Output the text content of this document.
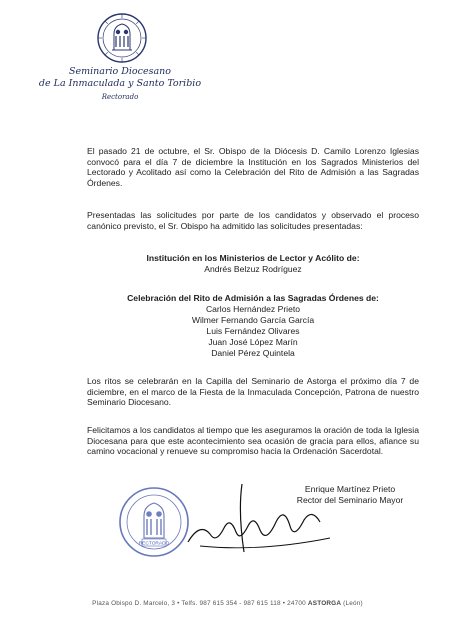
Seminario Diocesano
de La Inmaculada y Santo Toribio
Rectorado
El pasado 21 de octubre, el Sr. Obispo de la Diócesis D. Camilo Lorenzo Iglesias convocó para el día 7 de diciembre la Institución en los Sagrados Ministerios del Lectorado y Acolitado así como la Celebración del Rito de Admisión a las Sagradas Órdenes.
Presentadas las solicitudes por parte de los candidatos y observado el proceso canónico previsto, el Sr. Obispo ha admitido las solicitudes presentadas:
Institución en los Ministerios de Lector y Acólito de:
Andrés Belzuz Rodríguez
Celebración del Rito de Admisión a las Sagradas Órdenes de:
Carlos Hernández Prieto
Wilmer Fernando García García
Luis Fernández Olivares
Juan José López Marín
Daniel Pérez Quintela
Los ritos se celebrarán en la Capilla del Seminario de Astorga el próximo día 7 de diciembre, en el marco de la Fiesta de la Inmaculada Concepción, Patrona de nuestro Seminario Diocesano.
Felicitamos a los candidatos al tiempo que les aseguramos la oración de toda la Iglesia Diocesana para que este acontecimiento sea ocasión de gracia para ellos, afiance su camino vocacional y renueve su compromiso hacia la Ordenación Sacerdotal.
RECTORADO
Enrique Martínez Prieto
Rector del Seminario Mayor
Plaza Obispo D. Marcelo, 3 • Telfs. 987 615 354 - 987 615 118 • 24700 ASTORGA (León)
